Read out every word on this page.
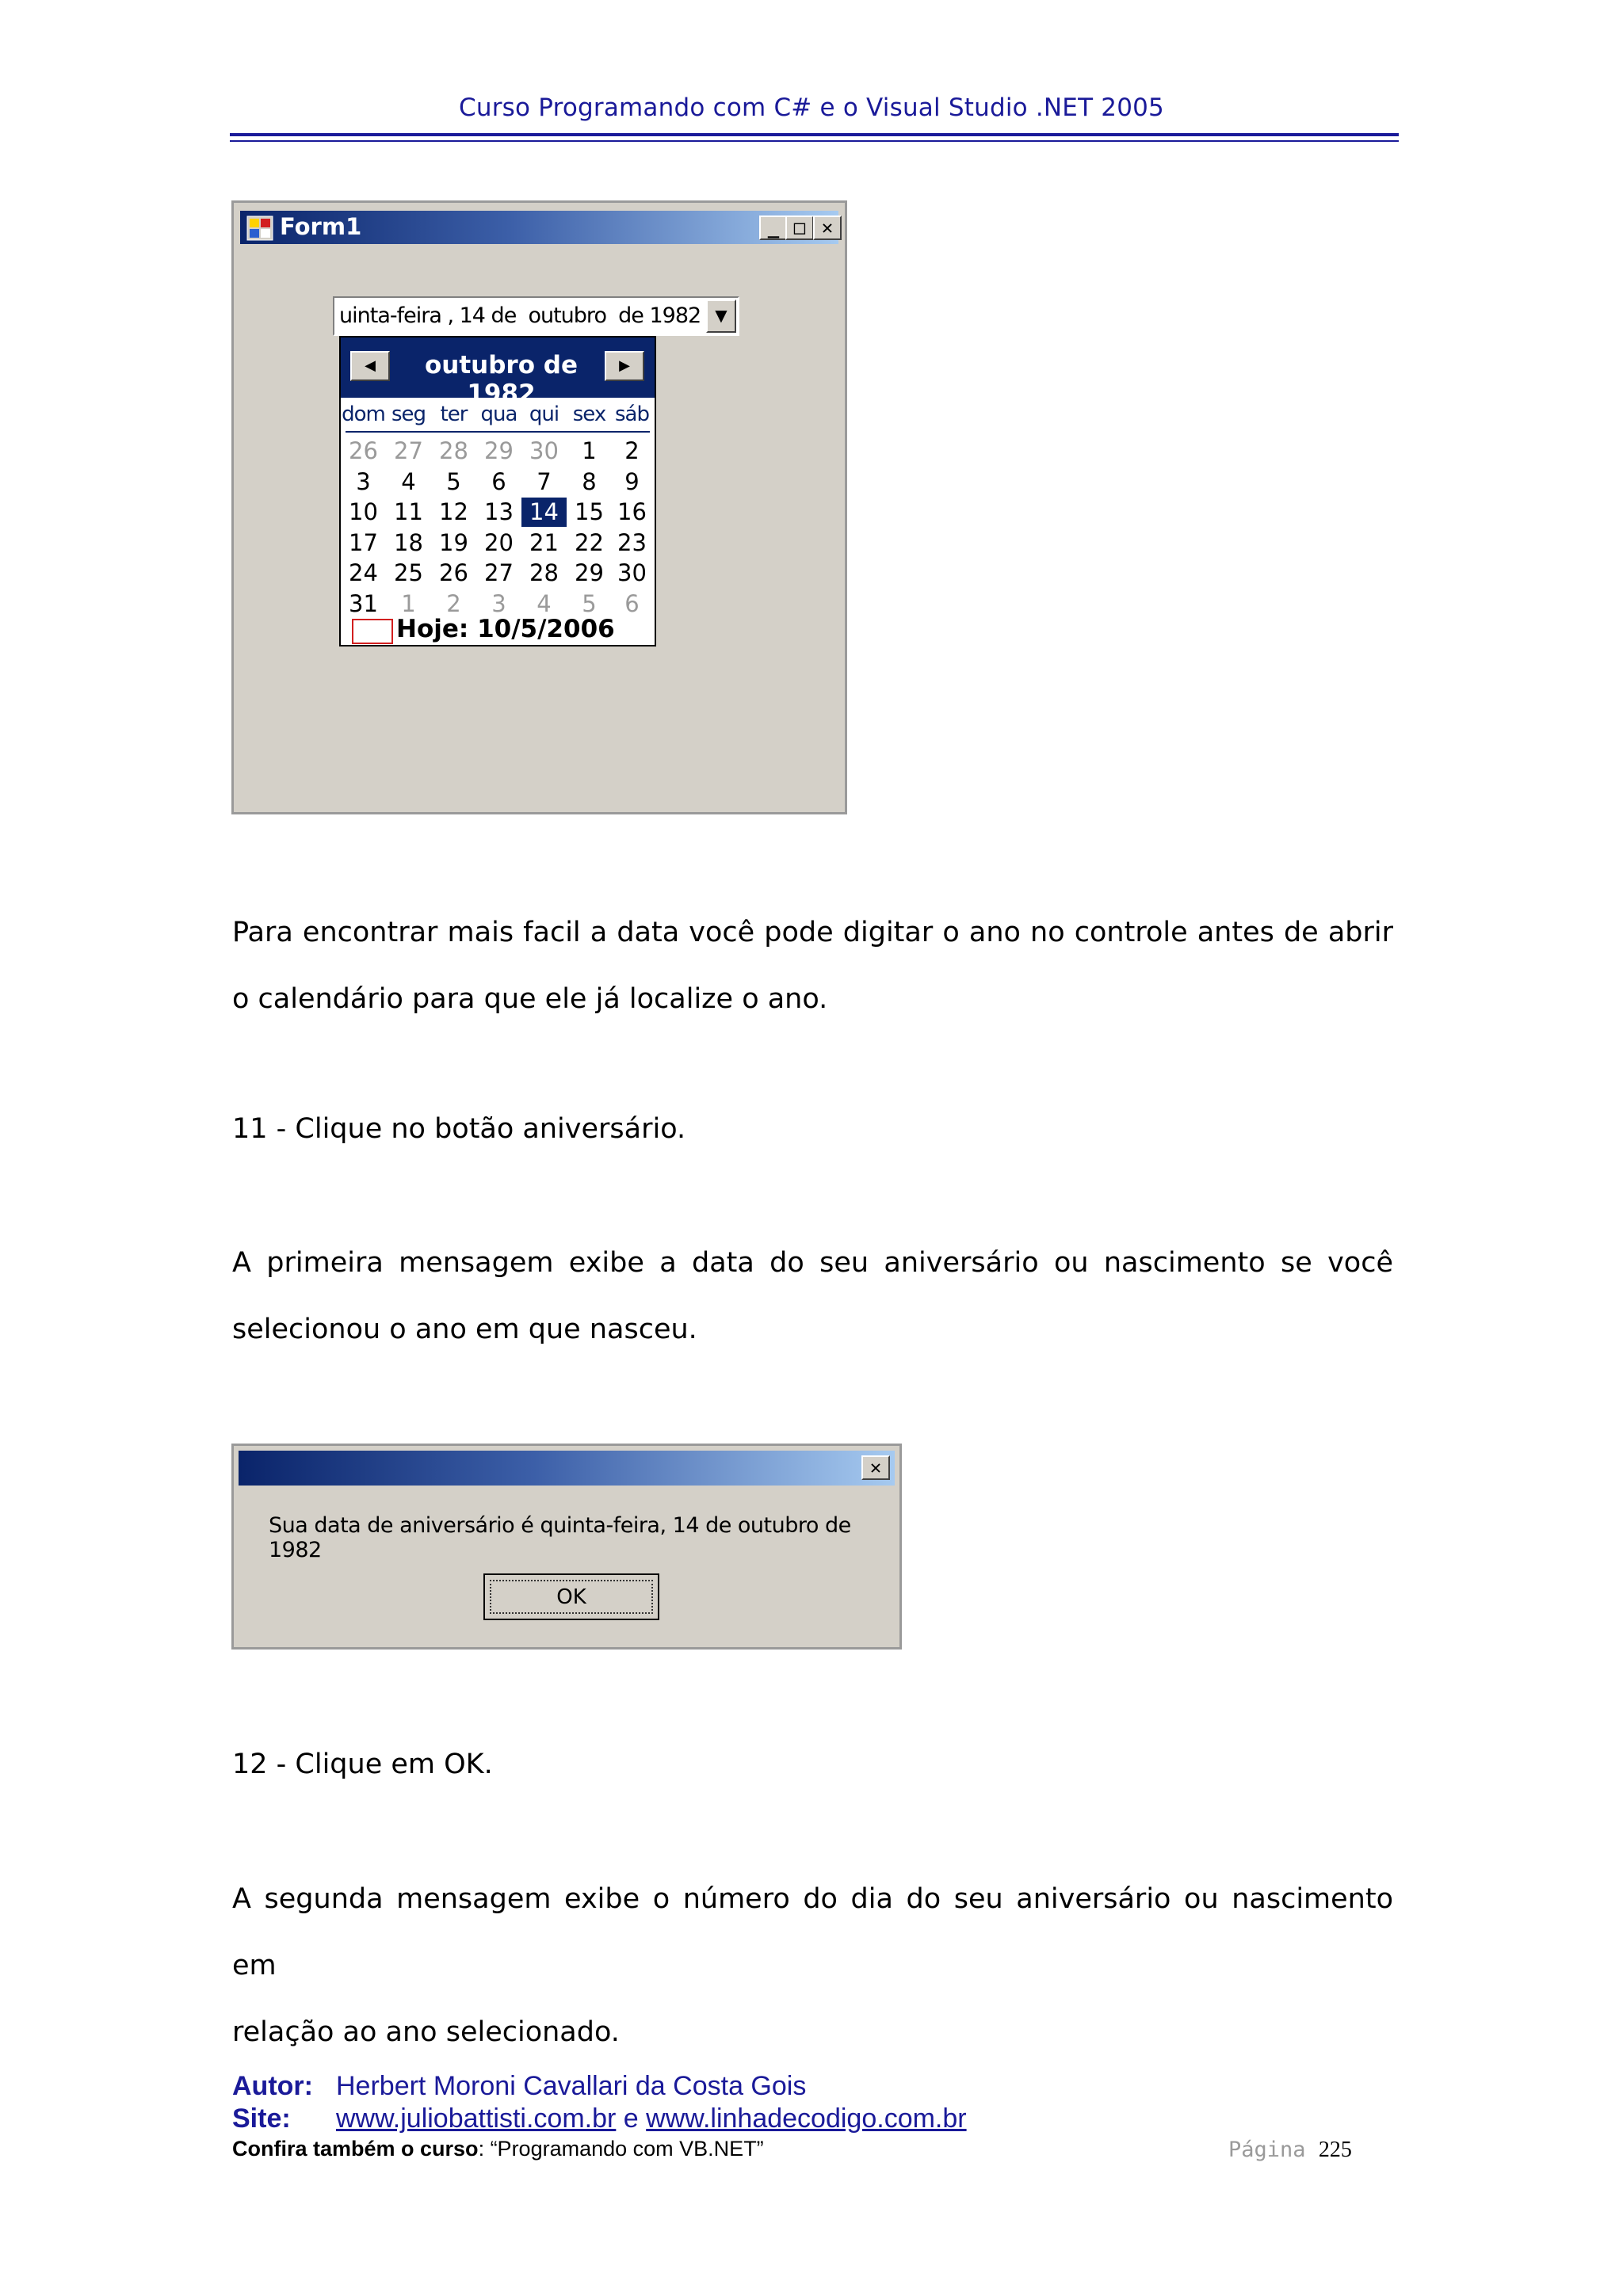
Curso Programando com C# e o Visual Studio .NET 2005
Form1	_ □ ✕
uinta-feira , 14 de  outubro  de 1982 ▼
◀	outubro de 1982
▶
dom seg ter qua qui sex sáb
26 27 28 29 30	1	2
3	4	5	6	7	8	9
10 11 12 13 14 15 16
17 18 19 20 21 22 23
24 25 26 27 28 29 30
31	1	2	3	4	5	6
Hoje: 10/5/2006
Para encontrar mais facil a data você pode digitar o ano no controle antes de abrir
o calendário para que ele já localize o ano.
11 - Clique no botão aniversário.
A primeira mensagem exibe a data do seu aniversário ou nascimento se você
selecionou o ano em que nasceu.
✕
Sua data de aniversário é quinta-feira, 14 de outubro de 1982
OK
12 - Clique em OK.
A segunda mensagem exibe o número do dia do seu aniversário ou nascimento em
relação ao ano selecionado.
Autor: Herbert Moroni Cavallari da Costa Gois
Site: www.juliobattisti.com.br e www.linhadecodigo.com.br
Confira também o curso: “Programando com VB.NET”	Página 225
